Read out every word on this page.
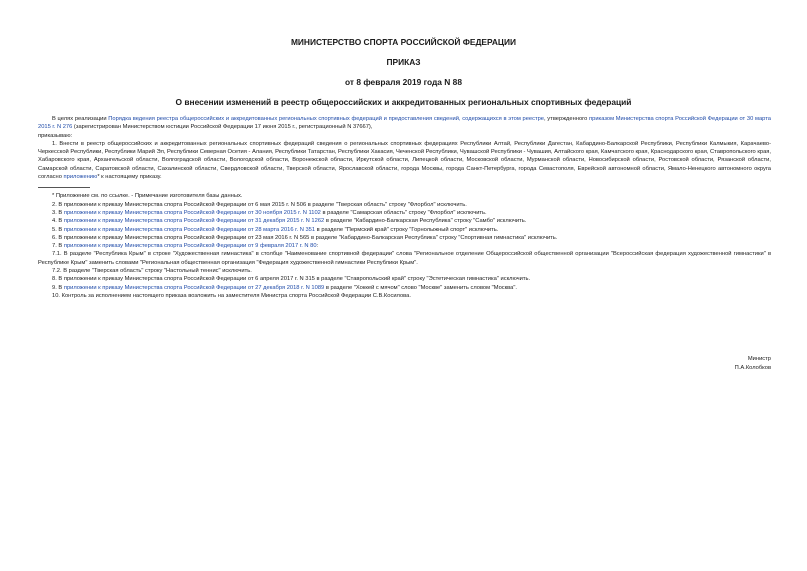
МИНИСТЕРСТВО СПОРТА РОССИЙСКОЙ ФЕДЕРАЦИИ
ПРИКАЗ
от 8 февраля 2019 года N 88
О внесении изменений в реестр общероссийских и аккредитованных региональных спортивных федераций

В целях реализации Порядка ведения реестра общероссийских и аккредитованных региональных спортивных федераций и предоставления сведений, содержащихся в этом реестре, утвержденного приказом Министерства спорта Российской Федерации от 30 марта 2015 г. N 276 (зарегистрирован Министерством юстиции Российской Федерации 17 июня 2015 г., регистрационный N 37667),

приказываю:

1. Внести в реестр общероссийских и аккредитованных региональных спортивных федераций сведения о региональных спортивных федерациях Республики Алтай, Республики Дагестан, Кабардино-Балкарской Республики, Республики Калмыкия, Карачаево-Черкесской Республики, Республики Марий Эл, Республики Северная Осетия - Алания, Республики Татарстан, Республики Хакасия, Чеченской Республики, Чувашской Республики - Чувашия, Алтайского края, Камчатского края, Краснодарского края, Ставропольского края, Хабаровского края, Архангельской области, Волгоградской области, Вологодской области, Воронежской области, Иркутской области, Липецкой области, Московской области, Мурманской области, Новосибирской области, Ростовской области, Рязанской области, Самарской области, Саратовской области, Сахалинской области, Свердловской области, Тверской области, Ярославской области, города Москвы, города Санкт-Петербурга, города Севастополя, Еврейской автономной области, Ямало-Ненецкого автономного округа согласно приложению* к настоящему приказу.

* Приложение см. по ссылке. - Примечание изготовителя базы данных.

2. В приложении к приказу Министерства спорта Российской Федерации от 6 мая 2015 г. N 506 в разделе "Тверская область" строку "Флорбол" исключить.

3. В приложении к приказу Министерства спорта Российской Федерации от 30 ноября 2015 г. N 1102 в разделе "Самарская область" строку "Флорбол" исключить.

4. В приложении к приказу Министерства спорта Российской Федерации от 31 декабря 2015 г. N 1262 в разделе "Кабардино-Балкарская Республика" строку "Самбо" исключить.

5. В приложении к приказу Министерства спорта Российской Федерации от 28 марта 2016 г. N 351 в разделе "Пермский край" строку "Горнолыжный спорт" исключить.

6. В приложении к приказу Министерства спорта Российской Федерации от 23 мая 2016 г. N 565 в разделе "Кабардино-Балкарская Республика" строку "Спортивная гимнастика" исключить.

7. В приложении к приказу Министерства спорта Российской Федерации от 9 февраля 2017 г. N 80:

7.1. В разделе "Республика Крым" в строке "Художественная гимнастика" в столбце "Наименование спортивной федерации" слова "Региональное отделение Общероссийской общественной организации "Всероссийская федерация художественной гимнастики" в Республике Крым" заменить словами "Региональная общественная организация "Федерация художественной гимнастики Республики Крым".

7.2. В разделе "Тверская область" строку "Настольный теннис" исключить.

8. В приложении к приказу Министерства спорта Российской Федерации от 6 апреля 2017 г. N 315 в разделе "Ставропольский край" строку "Эстетическая гимнастика" исключить.

9. В приложении к приказу Министерства спорта Российской Федерации от 27 декабря 2018 г. N 1089 в разделе "Хоккей с мячом" слово "Москве" заменить словом "Москва".

10. Контроль за исполнением настоящего приказа возложить на заместителя Министра спорта Российской Федерации С.В.Косилова.

Министр
П.А.Колобков
